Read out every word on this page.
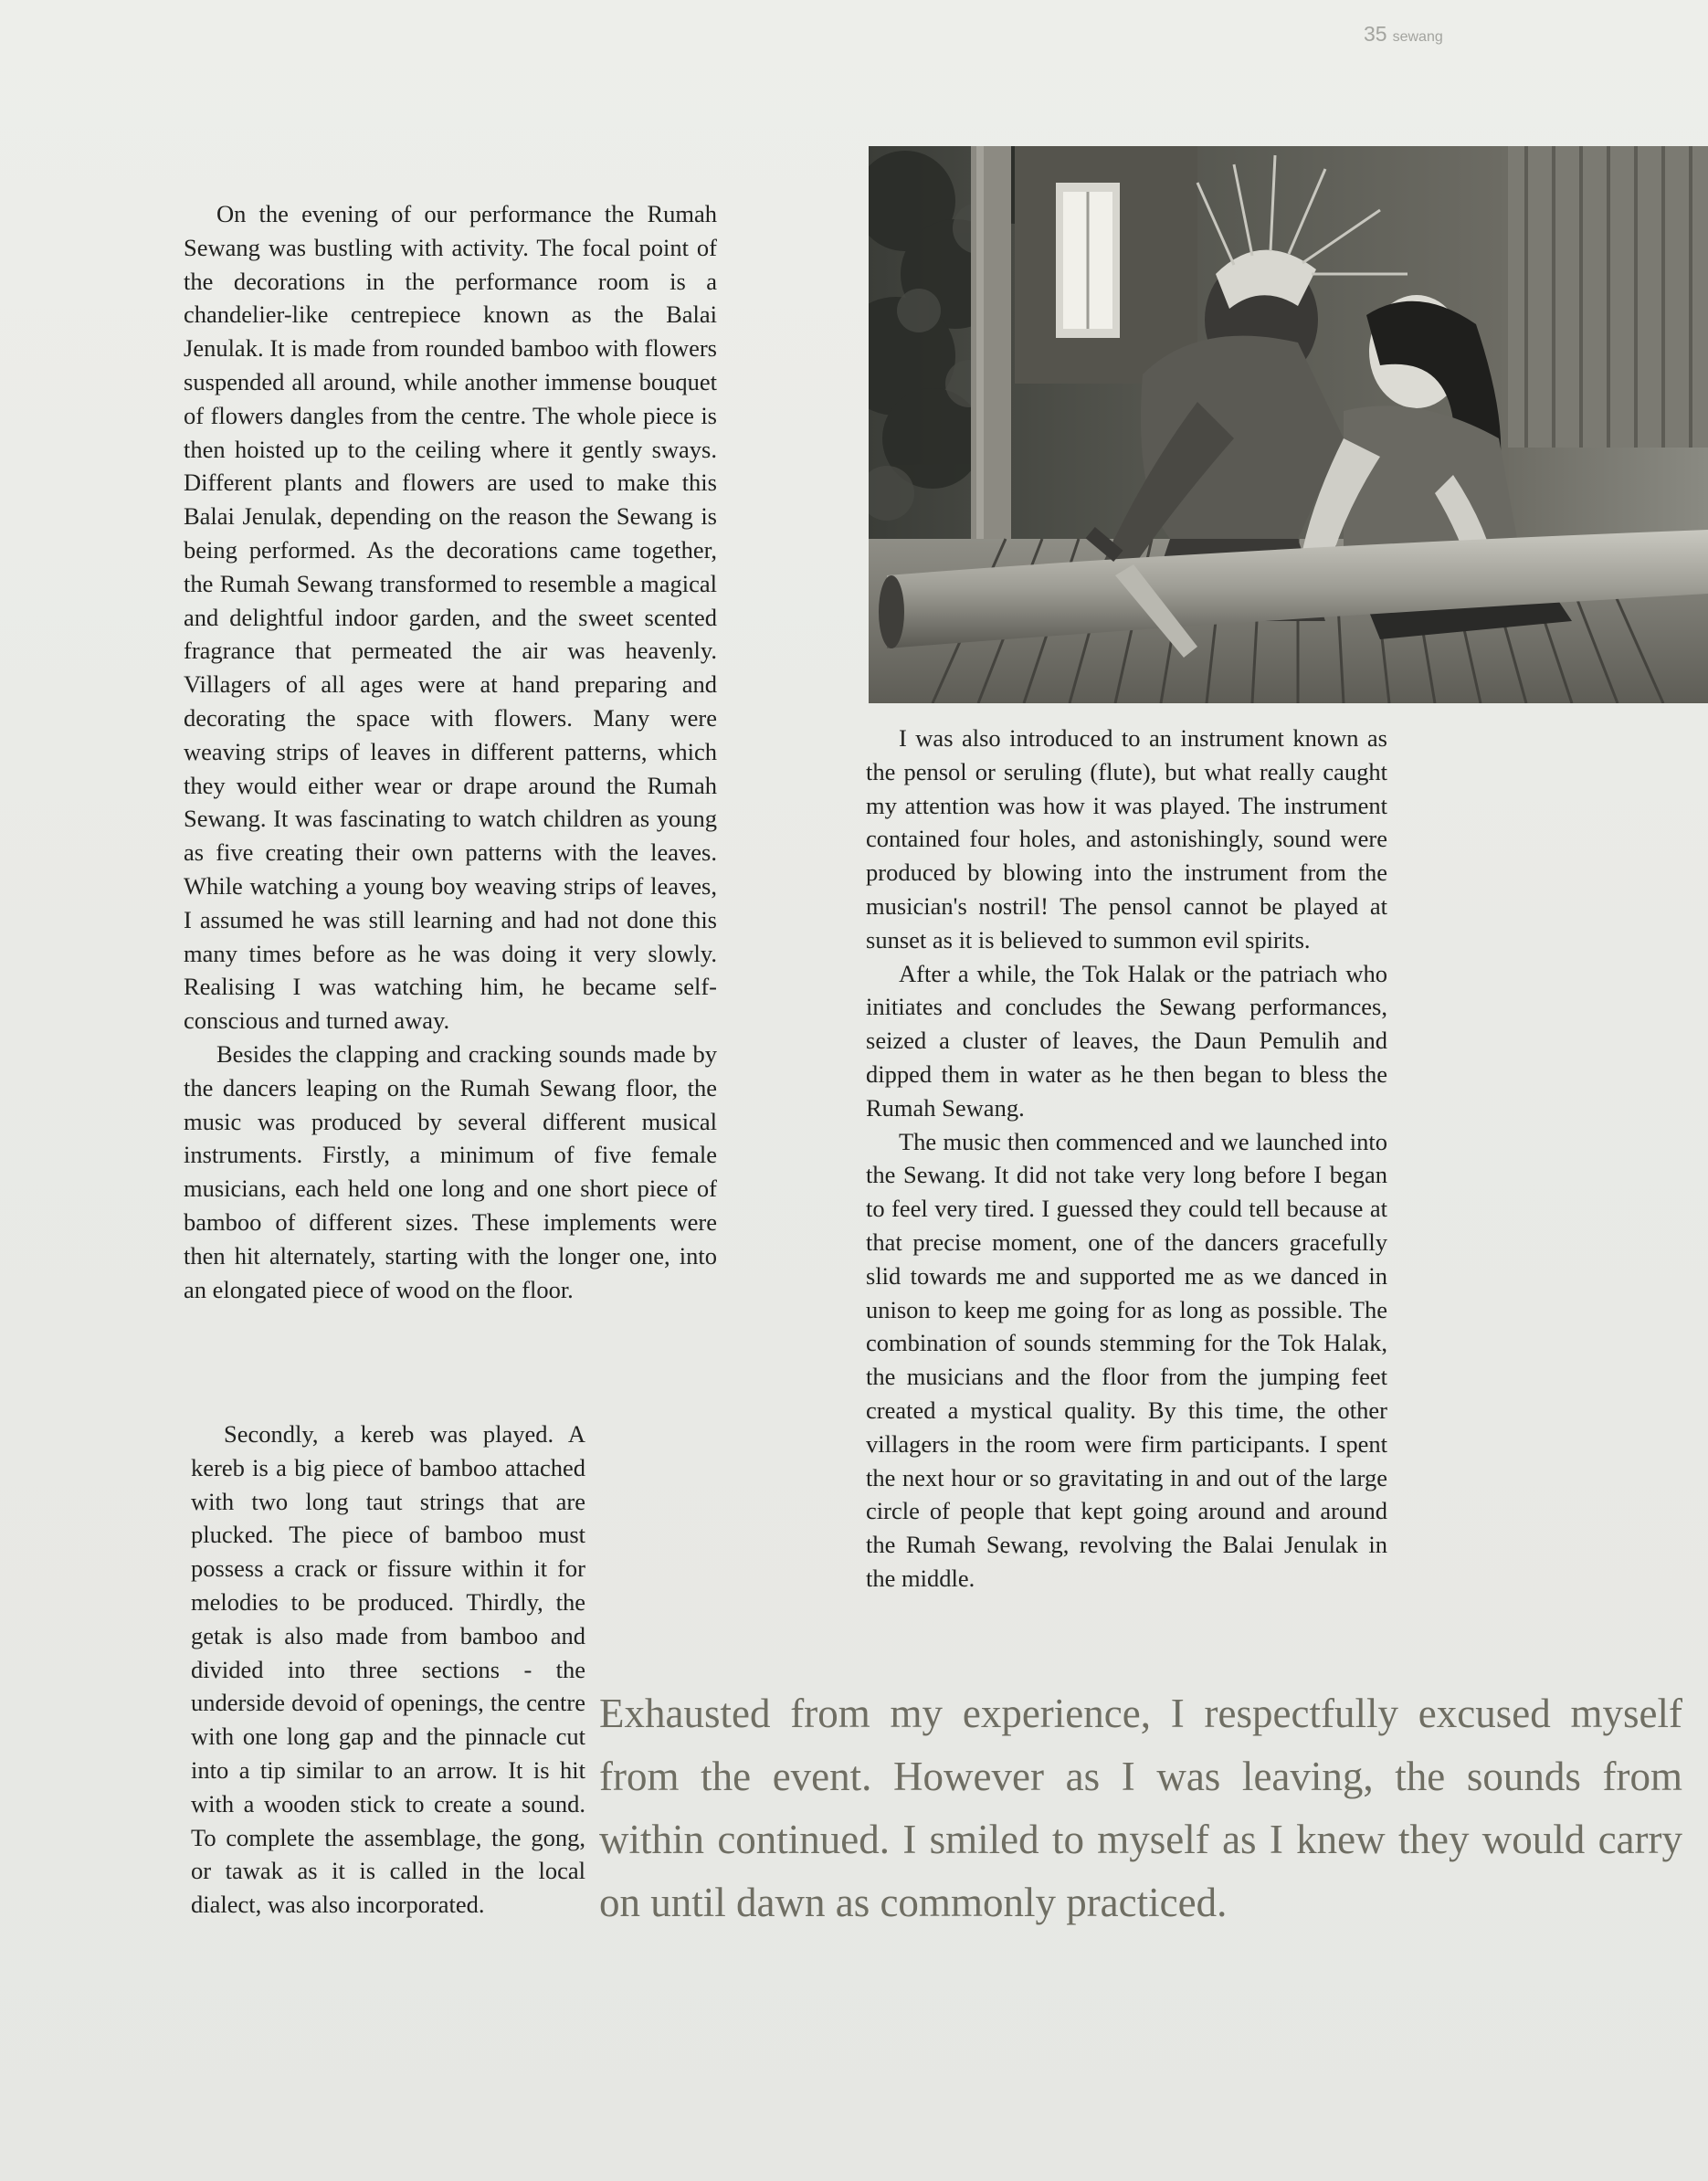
35 sewang

On the evening of our performance the Rumah Sewang was bustling with activity. The focal point of the decorations in the performance room is a chandelier-like centrepiece known as the Balai Jenulak. It is made from rounded bamboo with flowers suspended all around, while another immense bouquet of flowers dangles from the centre. The whole piece is then hoisted up to the ceiling where it gently sways. Different plants and flowers are used to make this Balai Jenulak, depending on the reason the Sewang is being performed. As the decorations came together, the Rumah Sewang transformed to resemble a magical and delightful indoor garden, and the sweet scented fragrance that permeated the air was heavenly. Villagers of all ages were at hand preparing and decorating the space with flowers. Many were weaving strips of leaves in different patterns, which they would either wear or drape around the Rumah Sewang. It was fascinating to watch children as young as five creating their own patterns with the leaves. While watching a young boy weaving strips of leaves, I assumed he was still learning and had not done this many times before as he was doing it very slowly. Realising I was watching him, he became self-conscious and turned away.

Besides the clapping and cracking sounds made by the dancers leaping on the Rumah Sewang floor, the music was produced by several different musical instruments. Firstly, a minimum of five female musicians, each held one long and one short piece of bamboo of different sizes. These implements were then hit alternately, starting with the longer one, into an elongated piece of wood on the floor.

Secondly, a kereb was played. A kereb is a big piece of bamboo attached with two long taut strings that are plucked. The piece of bamboo must possess a crack or fissure within it for melodies to be produced. Thirdly, the getak is also made from bamboo and divided into three sections - the underside devoid of openings, the centre with one long gap and the pinnacle cut into a tip similar to an arrow. It is hit with a wooden stick to create a sound. To complete the assemblage, the gong, or tawak as it is called in the local dialect, was also incorporated.

I was also introduced to an instrument known as the pensol or seruling (flute), but what really caught my attention was how it was played. The instrument contained four holes, and astonishingly, sound were produced by blowing into the instrument from the musician's nostril! The pensol cannot be played at sunset as it is believed to summon evil spirits.

After a while, the Tok Halak or the patriach who initiates and concludes the Sewang performances, seized a cluster of leaves, the Daun Pemulih and dipped them in water as he then began to bless the Rumah Sewang.

The music then commenced and we launched into the Sewang. It did not take very long before I began to feel very tired. I guessed they could tell because at that precise moment, one of the dancers gracefully slid towards me and supported me as we danced in unison to keep me going for as long as possible. The combination of sounds stemming for the Tok Halak, the musicians and the floor from the jumping feet created a mystical quality. By this time, the other villagers in the room were firm participants. I spent the next hour or so gravitating in and out of the large circle of people that kept going around and around the Rumah Sewang, revolving the Balai Jenulak in the middle.

Exhausted from my experience, I respectfully excused myself from the event. However as I was leaving, the sounds from within continued. I smiled to myself as I knew they would carry on until dawn as commonly practiced.
